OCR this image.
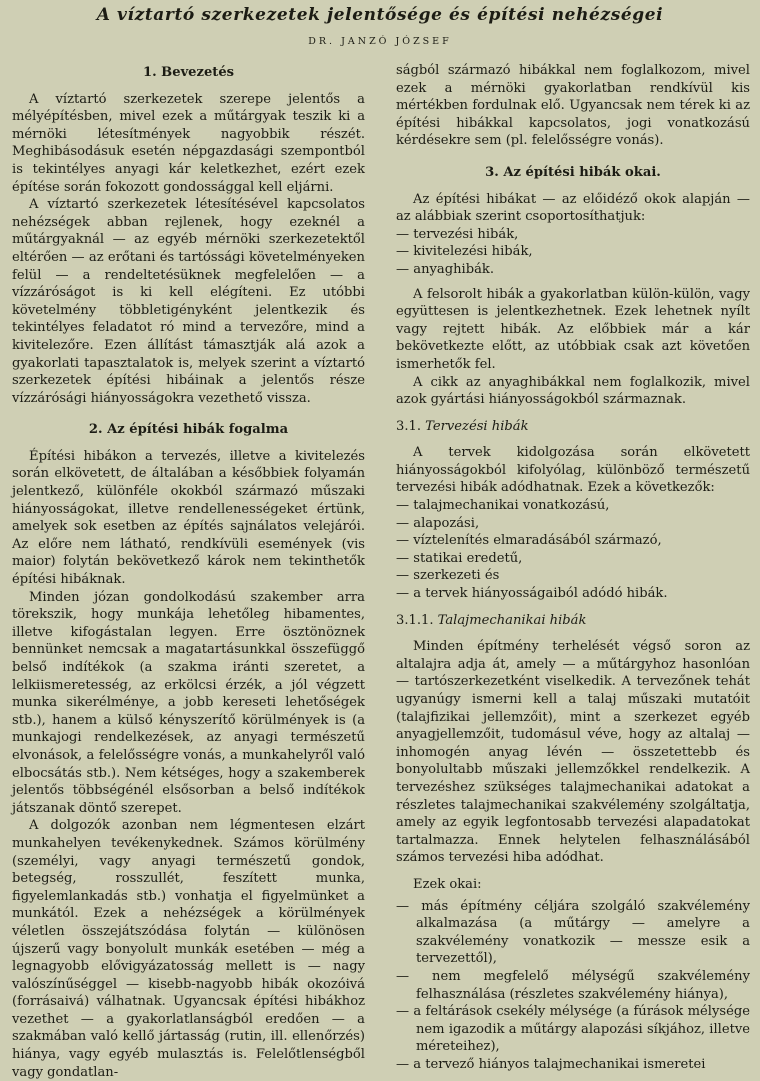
A víztartó szerkezetek jelentősége és építési nehézségei
DR. JANZÓ JÓZSEF
1. Bevezetés

A víztartó szerkezetek szerepe jelentős a mélyépítésben, mivel ezek a műtárgyak teszik ki a mérnöki létesítmények nagyobbik részét. Meghibásodásuk esetén népgazdasági szempontból is tekintélyes anyagi kár keletkezhet, ezért ezek építése során fokozott gondossággal kell eljárni.

A víztartó szerkezetek létesítésével kapcsolatos nehézségek abban rejlenek, hogy ezeknél a műtárgyaknál — az egyéb mérnöki szerkezetektől eltérően — az erőtani és tartóssági követelményeken felül — a rendeltetésüknek megfelelően — a vízzáróságot is ki kell elégíteni. Ez utóbbi követelmény többletigényként jelentkezik és tekintélyes feladatot ró mind a tervezőre, mind a kivitelezőre. Ezen állítást támasztják alá azok a gyakorlati tapasztalatok is, melyek szerint a víztartó szerkezetek építési hibáinak a jelentős része vízzárósági hiányosságokra vezethető vissza.

2. Az építési hibák fogalma

Építési hibákon a tervezés, illetve a kivitelezés során elkövetett, de általában a későbbiek folyamán jelentkező, különféle okokból származó műszaki hiányosságokat, illetve rendellenességeket értünk, amelyek sok esetben az építés sajnálatos velejárói. Az előre nem látható, rendkívüli események (vis maior) folytán bekövetkező károk nem tekinthetők építési hibáknak.

Minden józan gondolkodású szakember arra törekszik, hogy munkája lehetőleg hibamentes, illetve kifogástalan legyen. Erre ösztönöznek bennünket nemcsak a magatartásunkkal összefüggő belső indítékok (a szakma iránti szeretet, a lelkiismeretesség, az erkölcsi érzék, a jól végzett munka sikerélménye, a jobb kereseti lehetőségek stb.), hanem a külső kényszerítő körülmények is (a munkajogi rendelkezések, az anyagi természetű elvonások, a felelősségre vonás, a munkahelyről való elbocsátás stb.). Nem kétséges, hogy a szakemberek jelentős többségénél elsősorban a belső indítékok játszanak döntő szerepet.

A dolgozók azonban nem légmentesen elzárt munkahelyen tevékenykednek. Számos körülmény (személyi, vagy anyagi természetű gondok, betegség, rosszullét, feszített munka, figyelemlankadás stb.) vonhatja el figyelmünket a munkától. Ezek a nehézségek a körülmények véletlen összejátszódása folytán — különösen újszerű vagy bonyolult munkák esetében — még a legnagyobb elővigyázatosság mellett is — nagy valószínűséggel — kisebb-nagyobb hibák okozóivá (forrásaivá) válhatnak. Ugyancsak építési hibákhoz vezethet — a gyakorlatlanságból eredően — a szakmában való kellő jártasság (rutin, ill. ellenőrzés) hiánya, vagy egyéb mulasztás is. Felelőtlenségből vagy gondatlan-

ságból származó hibákkal nem foglalkozom, mivel ezek a mérnöki gyakorlatban rendkívül kis mértékben fordulnak elő. Ugyancsak nem térek ki az építési hibákkal kapcsolatos, jogi vonatkozású kérdésekre sem (pl. felelősségre vonás).

3. Az építési hibák okai.

Az építési hibákat — az előidéző okok alapján — az alábbiak szerint csoportosíthatjuk:

— tervezési hibák,
— kivitelezési hibák,
— anyaghibák.

A felsorolt hibák a gyakorlatban külön-külön, vagy együttesen is jelentkezhetnek. Ezek lehetnek nyílt vagy rejtett hibák. Az előbbiek már a kár bekövetkezte előtt, az utóbbiak csak azt követően ismerhetők fel.

A cikk az anyaghibákkal nem foglalkozik, mivel azok gyártási hiányosságokból származnak.

3.1. Tervezési hibák

A tervek kidolgozása során elkövetett hiányosságokból kifolyólag, különböző természetű tervezési hibák adódhatnak. Ezek a következők:

— talajmechanikai vonatkozású,
— alapozási,
— víztelenítés elmaradásából származó,
— statikai eredetű,
— szerkezeti és
— a tervek hiányosságaiból adódó hibák.
3.1.1. Talajmechanikai hibák

Minden építmény terhelését végső soron az altalajra adja át, amely — a műtárgyhoz hasonlóan — tartószerkezetként viselkedik. A tervezőnek tehát ugyanúgy ismerni kell a talaj műszaki mutatóit (talajfizikai jellemzőit), mint a szerkezet egyéb anyagjellemzőit, tudomásul véve, hogy az altalaj — inhomogén anyag lévén — összetettebb és bonyolultabb műszaki jellemzőkkel rendelkezik. A tervezéshez szükséges talajmechanikai adatokat a részletes talajmechanikai szakvélemény szolgáltatja, amely az egyik legfontosabb tervezési alapadatokat tartalmazza. Ennek helytelen felhasználásából számos tervezési hiba adódhat.

Ezek okai:

— más építmény céljára szolgáló szakvélemény alkalmazása (a műtárgy — amelyre a szakvélemény vonatkozik — messze esik a tervezettől),
— nem megfelelő mélységű szakvélemény felhasználása (részletes szakvélemény hiánya),
— a feltárások csekély mélysége (a fúrások mélysége nem igazodik a műtárgy alapozási síkjához, illetve méreteihez),
— a tervező hiányos talajmechanikai ismeretei
